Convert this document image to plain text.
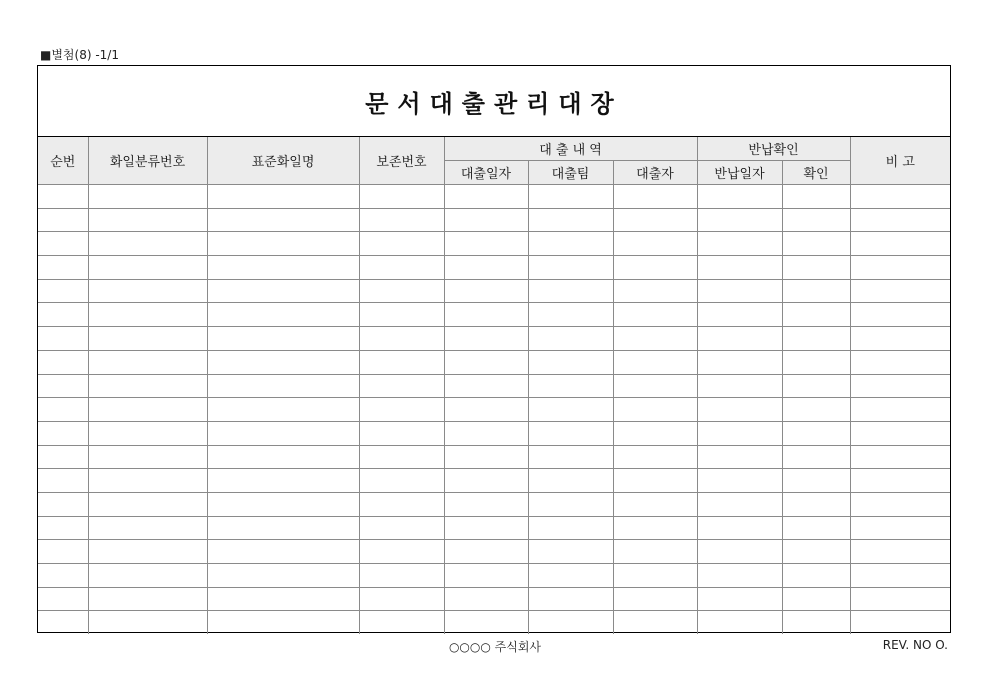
■별첨(8) -1/1
문서대출관리대장
순번	화일분류번호	표준화일명	보존번호	대 출 내 역			반납확인		비 고
				대출일자	대출팀	대출자	반납일자	확인	

○○○○ 주식회사	REV. NO O.
